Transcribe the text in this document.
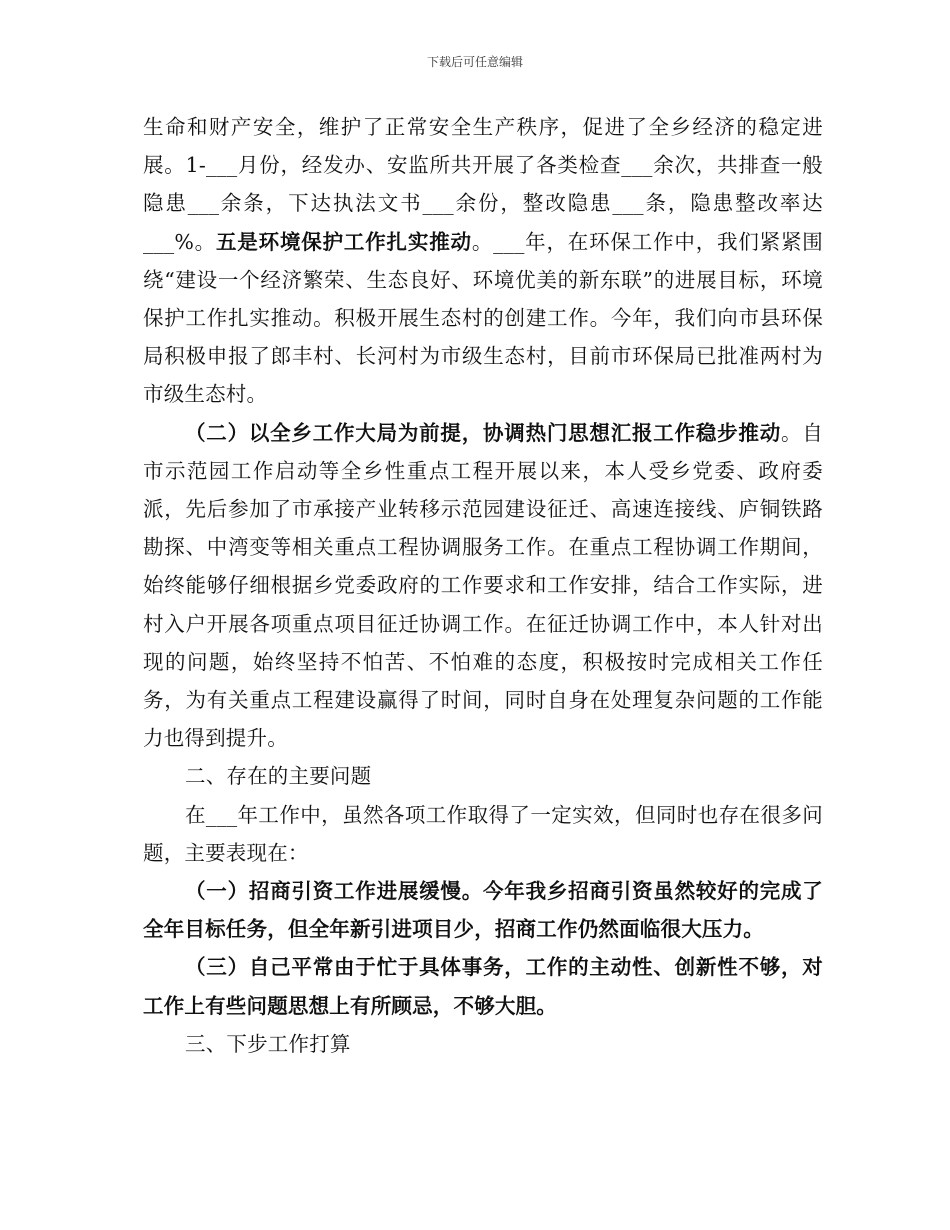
下载后可任意编辑

生命和财产安全，维护了正常安全生产秩序，促进了全乡经济的稳定进展。1-___月份，经发办、安监所共开展了各类检查___余次，共排查一般隐患___余条，下达执法文书___余份，整改隐患___条，隐患整改率达___%。五是环境保护工作扎实推动。___年，在环保工作中，我们紧紧围绕“建设一个经济繁荣、生态良好、环境优美的新东联”的进展目标，环境保护工作扎实推动。积极开展生态村的创建工作。今年，我们向市县环保局积极申报了郎丰村、长河村为市级生态村，目前市环保局已批准两村为市级生态村。

（二）以全乡工作大局为前提，协调热门思想汇报工作稳步推动。自市示范园工作启动等全乡性重点工程开展以来，本人受乡党委、政府委派，先后参加了市承接产业转移示范园建设征迁、高速连接线、庐铜铁路勘探、中湾变等相关重点工程协调服务工作。在重点工程协调工作期间，始终能够仔细根据乡党委政府的工作要求和工作安排，结合工作实际，进村入户开展各项重点项目征迁协调工作。在征迁协调工作中，本人针对出现的问题，始终坚持不怕苦、不怕难的态度，积极按时完成相关工作任务，为有关重点工程建设赢得了时间，同时自身在处理复杂问题的工作能力也得到提升。

二、存在的主要问题

在___年工作中，虽然各项工作取得了一定实效，但同时也存在很多问题，主要表现在：

（一）招商引资工作进展缓慢。今年我乡招商引资虽然较好的完成了全年目标任务，但全年新引进项目少，招商工作仍然面临很大压力。

（三）自己平常由于忙于具体事务，工作的主动性、创新性不够，对工作上有些问题思想上有所顾忌，不够大胆。

三、下步工作打算
